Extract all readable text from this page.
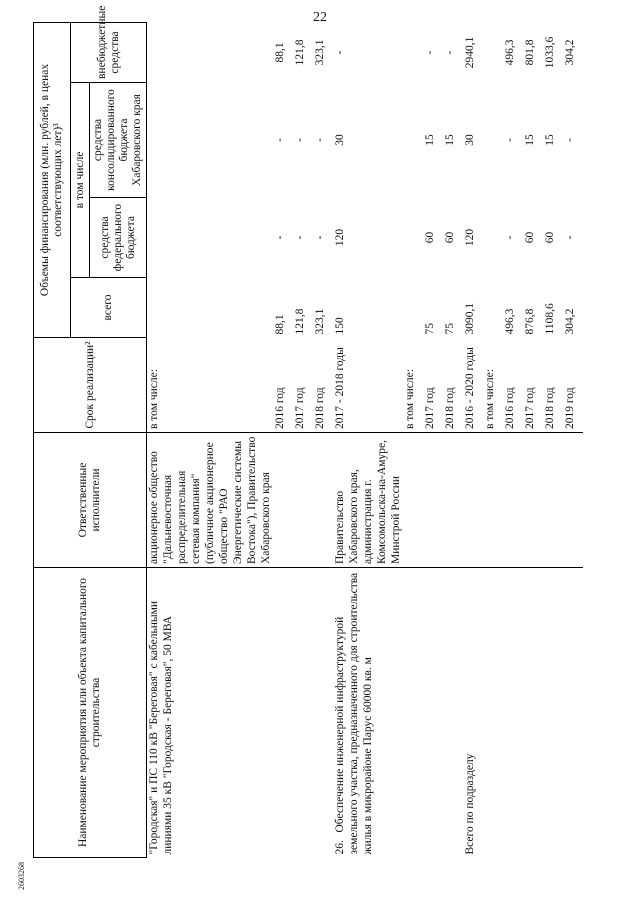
22
2603268
Наименование мероприятия или объекта капитального строительства	Ответственные исполнители	Срок реализации²	Объемы финансирования (млн. рублей, в ценах соответствующих лет)³			
			всего	в том числе		внебюджетные средства
				средства федерального бюджета	средства консолидированного бюджета Хабаровского края	
"Городская" и ПС 110 кВ "Береговая" с кабельными линиями 35 кВ "Городская - Береговая", 50 МВА	акционерное общество "Дальневосточная распределительная сетевая компания" (публичное акционерное общество "РАО Энергетические системы Востока"), Правительство Хабаровского края	в том числе:				
		2016 год	88,1	-	-	88,1
		2017 год	121,8	-	-	121,8
		2018 год	323,1	-	-	323,1
26.Обеспечение инженерной инфраструктурой земельного участка, предназначенного для строительства жилья в микрорайоне Парус 60000 кв. м	Правительство Хабаровского края, администрация г. Комсомольска-на-Амуре, Минстрой России	2017 - 2018 годы	150	120	30	-
		в том числе:				
		2017 год	75	60	15	-
		2018 год	75	60	15	-
Всего по подразделу		2016 - 2020 годы	3090,1	120	30	2940,1
		в том числе:				
		2016 год	496,3	-	-	496,3
		2017 год	876,8	60	15	801,8
		2018 год	1108,6	60	15	1033,6
		2019 год	304,2	-	-	304,2
